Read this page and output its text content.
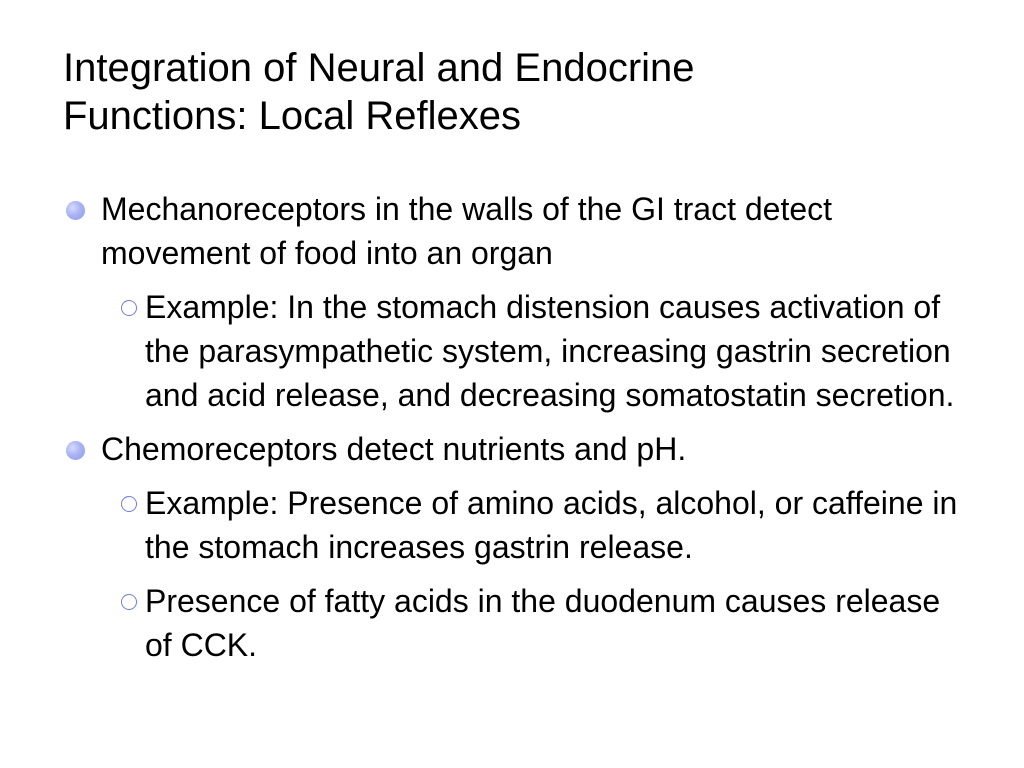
Integration of Neural and Endocrine
Functions: Local Reflexes
Mechanoreceptors in the walls of the GI tract detect movement of food into an organ
Example: In the stomach distension causes activation of the parasympathetic system, increasing gastrin secretion and acid release, and decreasing somatostatin secretion.
Chemoreceptors detect nutrients and pH.
Example: Presence of amino acids, alcohol, or caffeine in the stomach increases gastrin release.
Presence of fatty acids in the duodenum causes release of CCK.
